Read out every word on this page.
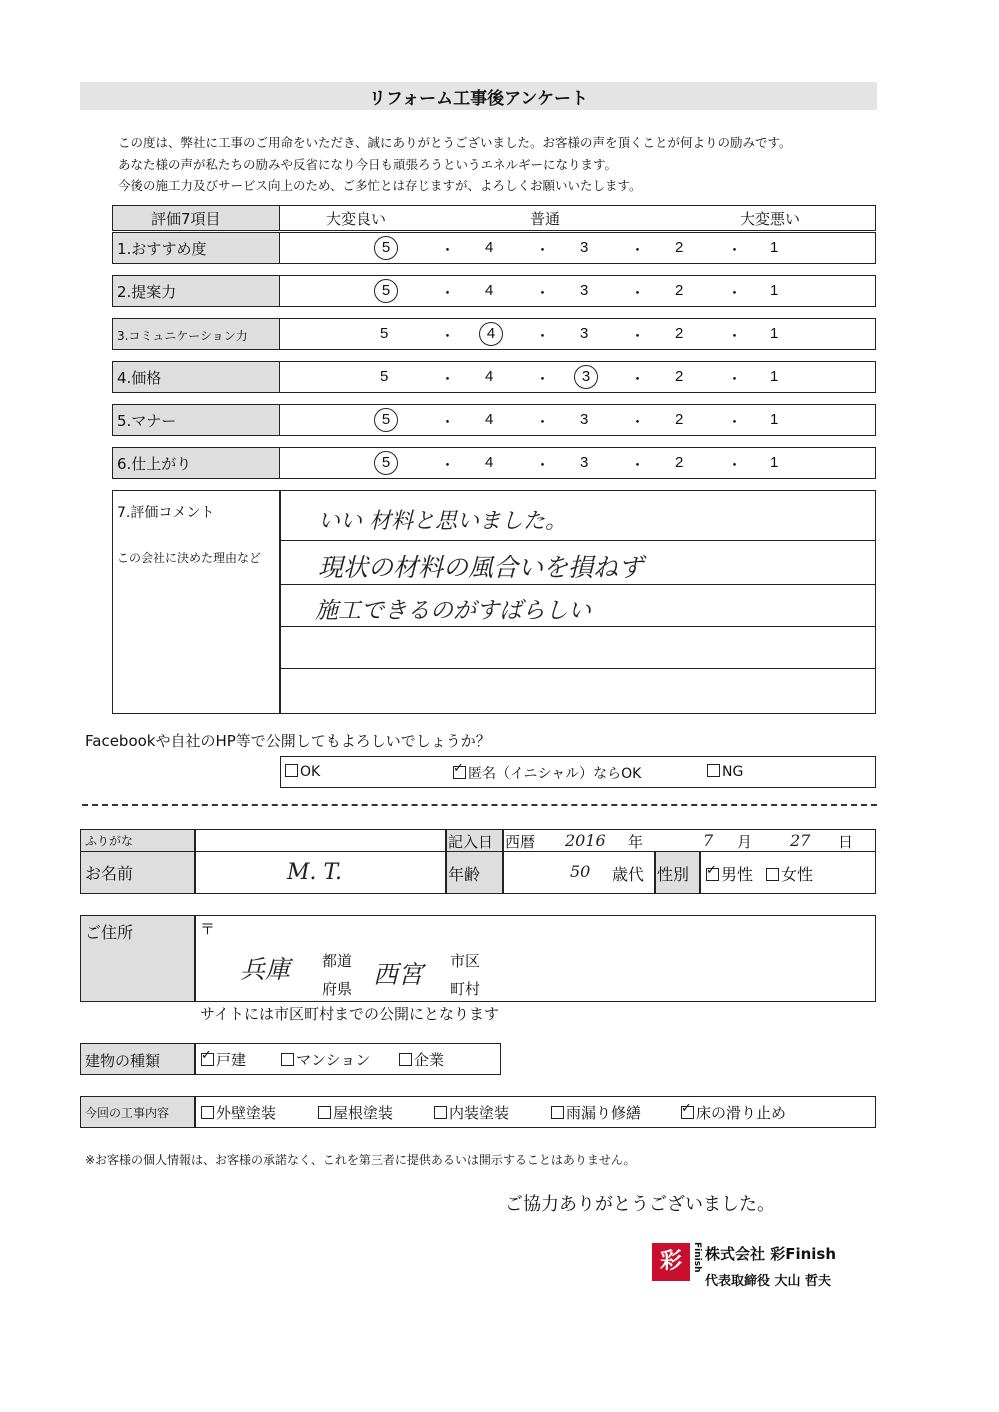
リフォーム工事後アンケート
この度は、弊社に工事のご用命をいただき、誠にありがとうございました。お客様の声を頂くことが何よりの励みです。
あなた様の声が私たちの励みや反省になり今日も頑張ろうというエネルギーになります。
今後の施工力及びサービス向上のため、ご多忙とは存じますが、よろしくお願いいたします。
評価7項目	大変良い	普通	大変悪い
1.おすすめ度	5	・ 4	・ 3	・ 2	・ 1
2.提案力	5	・ 4	・ 3	・ 2	・ 1
3.コミュニケーション力	5	・	4	・ 3	・ 2	・ 1
4.価格	5	・ 4	・	3	・ 2	・ 1
5.マナー	5	・ 4	・ 3	・ 2	・ 1
6.仕上がり	5	・ 4	・ 3	・ 2	・ 1
7.評価コメント
この会社に決めた理由など
いい 材料と思いました。
現状の材料の風合いを損ねず
施工できるのがすばらしい
Facebookや自社のHP等で公開してもよろしいでしょうか？
OK ✓	匿名（イニシャル）ならOK	NG
ふりがな
お名前	M. T.
記入日 西暦 2016 年	7 月 27 日
年齢	50 歳代 性別 ✓	男性	女性
ご住所	〒
兵庫 都道
府県 西宮 市区
町村
サイトには市区町村までの公開にとなります
建物の種類 ✓	戸建	マンション	企業
今回の工事内容	外壁塗装	屋根塗装	内装塗装	雨漏り修繕 ✓	床の滑り止め
※お客様の個人情報は、お客様の承諾なく、これを第三者に提供あるいは開示することはありません。
ご協力ありがとうございました。
彩	Finish 株式会社 彩Finish
代表取締役 大山 哲夫
